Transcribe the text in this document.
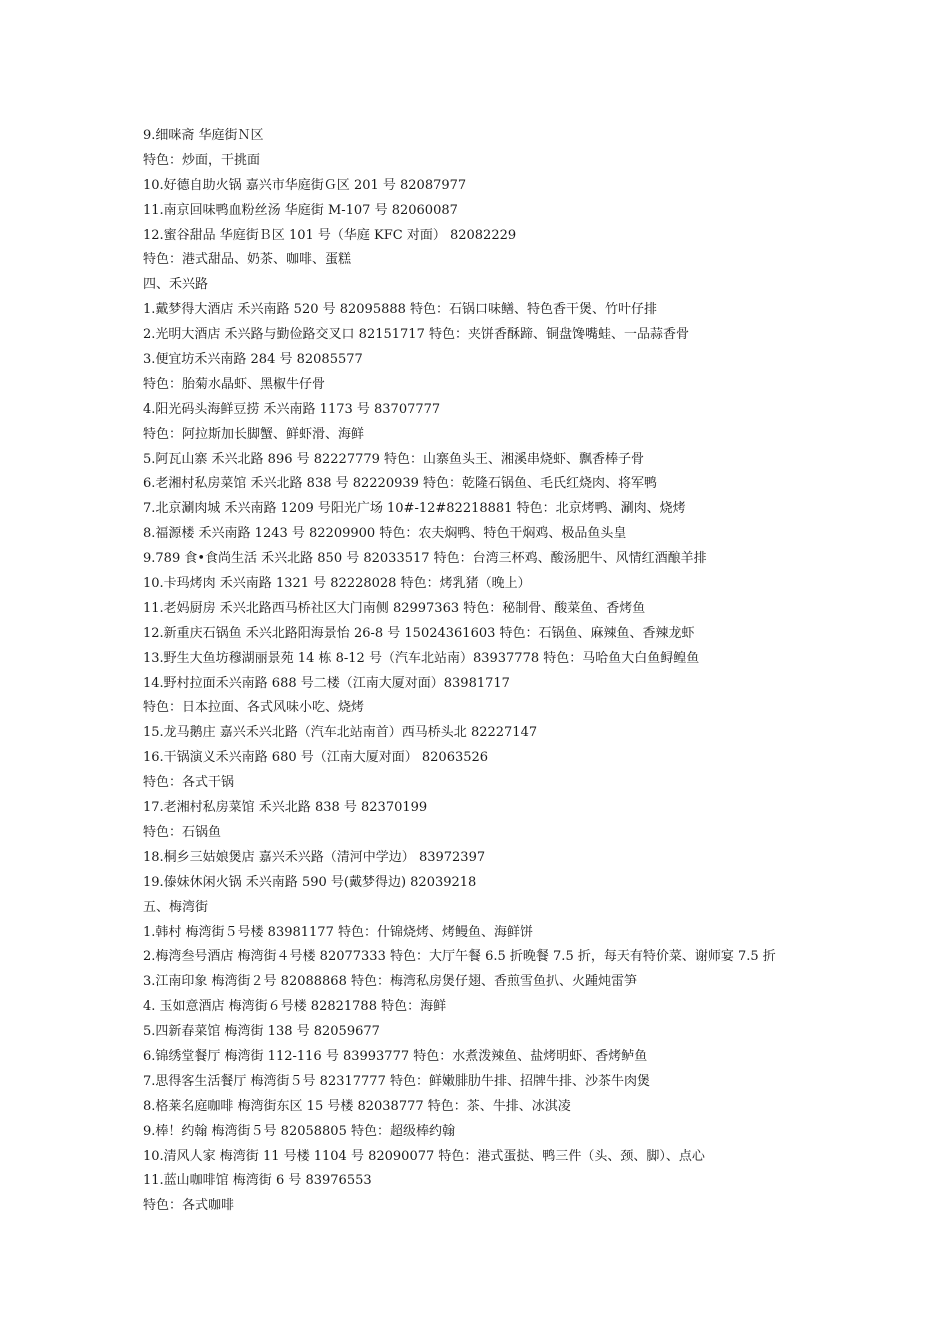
9.细咪斋 华庭街Ｎ区
特色：炒面，干挑面
10.好德自助火锅 嘉兴市华庭街Ｇ区 201 号 82087977
11.南京回味鸭血粉丝汤 华庭街 M-107 号 82060087
12.蜜谷甜品 华庭街Ｂ区 101 号（华庭 KFC 对面） 82082229
特色：港式甜品、奶茶、咖啡、蛋糕
四、禾兴路
1.戴梦得大酒店 禾兴南路 520 号 82095888 特色：石锅口味鳝、特色香干煲、竹叶仔排
2.光明大酒店 禾兴路与勤俭路交叉口 82151717 特色：夹饼香酥蹄、铜盘馋嘴蛙、一品蒜香骨
3.便宜坊禾兴南路 284 号 82085577
特色：胎菊水晶虾、黑椒牛仔骨
4.阳光码头海鲜豆捞 禾兴南路 1173 号 83707777
特色：阿拉斯加长脚蟹、鲜虾滑、海鲜
5.阿瓦山寨 禾兴北路 896 号 82227779 特色：山寨鱼头王、湘溪串烧虾、飘香棒子骨
6.老湘村私房菜馆 禾兴北路 838 号 82220939 特色：乾隆石锅鱼、毛氏红烧肉、将军鸭
7.北京涮肉城 禾兴南路 1209 号阳光广场 10#-12#82218881 特色：北京烤鸭、涮肉、烧烤
8.福源楼 禾兴南路 1243 号 82209900 特色：农夫焖鸭、特色干焖鸡、极品鱼头皇
9.789 食•食尚生活 禾兴北路 850 号 82033517 特色：台湾三杯鸡、酸汤肥牛、风情红酒酿羊排
10.卡玛烤肉 禾兴南路 1321 号 82228028 特色：烤乳猪（晚上）
11.老妈厨房 禾兴北路西马桥社区大门南侧 82997363 特色：秘制骨、酸菜鱼、香烤鱼
12.新重庆石锅鱼 禾兴北路阳海景怡 26-8 号 15024361603 特色：石锅鱼、麻辣鱼、香辣龙虾
13.野生大鱼坊穆湖丽景苑 14 栋 8-12 号（汽车北站南）83937778 特色：马哈鱼大白鱼鲟鳇鱼
14.野村拉面禾兴南路 688 号二楼（江南大厦对面）83981717
特色：日本拉面、各式风味小吃、烧烤
15.龙马鹅庄 嘉兴禾兴北路（汽车北站南首）西马桥头北 82227147
16.干锅演义禾兴南路 680 号（江南大厦对面） 82063526
特色：各式干锅
17.老湘村私房菜馆 禾兴北路 838 号 82370199
特色：石锅鱼
18.桐乡三姑娘煲店 嘉兴禾兴路（清河中学边） 83972397
19.傣妹休闲火锅 禾兴南路 590 号(戴梦得边) 82039218
五、梅湾街
1.韩村 梅湾街５号楼 83981177 特色：什锦烧烤、烤鳗鱼、海鲜饼
2.梅湾叁号酒店 梅湾街４号楼 82077333 特色：大厅午餐 6.5 折晚餐 7.5 折，每天有特价菜、谢师宴 7.5 折
3.江南印象 梅湾街２号 82088868 特色：梅湾私房煲仔翅、香煎雪鱼扒、火踵炖雷笋
4. 玉如意酒店 梅湾街６号楼 82821788 特色：海鲜
5.四新春菜馆 梅湾街 138 号 82059677
6.锦绣堂餐厅 梅湾街 112-116 号 83993777 特色：水煮泼辣鱼、盐烤明虾、香烤鲈鱼
7.思得客生活餐厅 梅湾街５号 82317777 特色：鲜嫩腓肋牛排、招牌牛排、沙茶牛肉煲
8.格莱名庭咖啡 梅湾街东区 15 号楼 82038777 特色：茶、牛排、冰淇凌
9.棒！约翰 梅湾街５号 82058805 特色：超级棒约翰
10.清风人家 梅湾街 11 号楼 1104 号 82090077 特色：港式蛋挞、鸭三件（头、颈、脚）、点心
11.蓝山咖啡馆 梅湾街 6 号 83976553
特色：各式咖啡
